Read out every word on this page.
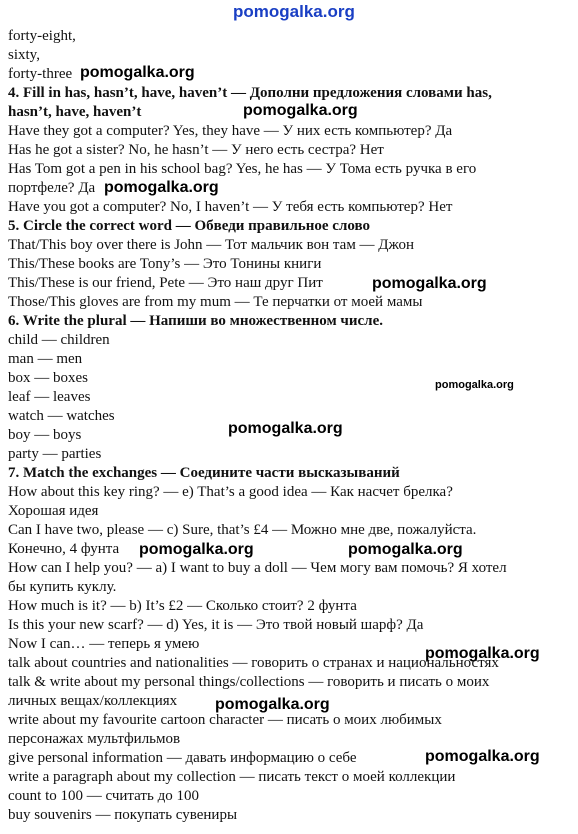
pomogalka.org
pomogalka.org
pomogalka.org
pomogalka.org
pomogalka.org
pomogalka.org
pomogalka.org
pomogalka.org	pomogalka.org
pomogalka.org
pomogalka.org
pomogalka.org
forty-eight,
sixty,
forty-three
4. Fill in has, hasn’t, have, haven’t — Дополни предложения словами has,
hasn’t, have, haven’t
Have they got a computer? Yes, they have — У них есть компьютер? Да
Has he got a sister? No, he hasn’t — У него есть сестра? Нет
Has Tom got a pen in his school bag? Yes, he has — У Тома есть ручка в его
портфеле? Да
Have you got a computer? No, I haven’t — У тебя есть компьютер? Нет
5. Circle the correct word — Обведи правильное слово
That/This boy over there is John — Тот мальчик вон там — Джон
This/These books are Tony’s — Это Тонины книги
This/These is our friend, Pete — Это наш друг Пит
Those/This gloves are from my mum — Те перчатки от моей мамы
6. Write the plural — Напиши во множественном числе.
child — children
man — men
box — boxes
leaf — leaves
watch — watches
boy — boys
party — parties
7. Match the exchanges — Соедините части высказываний
How about this key ring? — e) That’s a good idea — Как насчет брелка?
Хорошая идея
Can I have two, please — c) Sure, that’s £4 — Можно мне две, пожалуйста.
Конечно, 4 фунта
How can I help you? — a) I want to buy a doll — Чем могу вам помочь? Я хотел
бы купить куклу.
How much is it? — b) It’s £2 — Сколько стоит? 2 фунта
Is this your new scarf? — d) Yes, it is — Это твой новый шарф? Да
Now I can… — теперь я умею
talk about countries and nationalities — говорить о странах и национальностях
talk & write about my personal things/collections — говорить и писать о моих
личных вещах/коллекциях
write about my favourite cartoon character — писать о моих любимых
персонажах мультфильмов
give personal information — давать информацию о себе
write a paragraph about my collection — писать текст о моей коллекции
count to 100 — считать до 100
buy souvenirs — покупать сувениры
